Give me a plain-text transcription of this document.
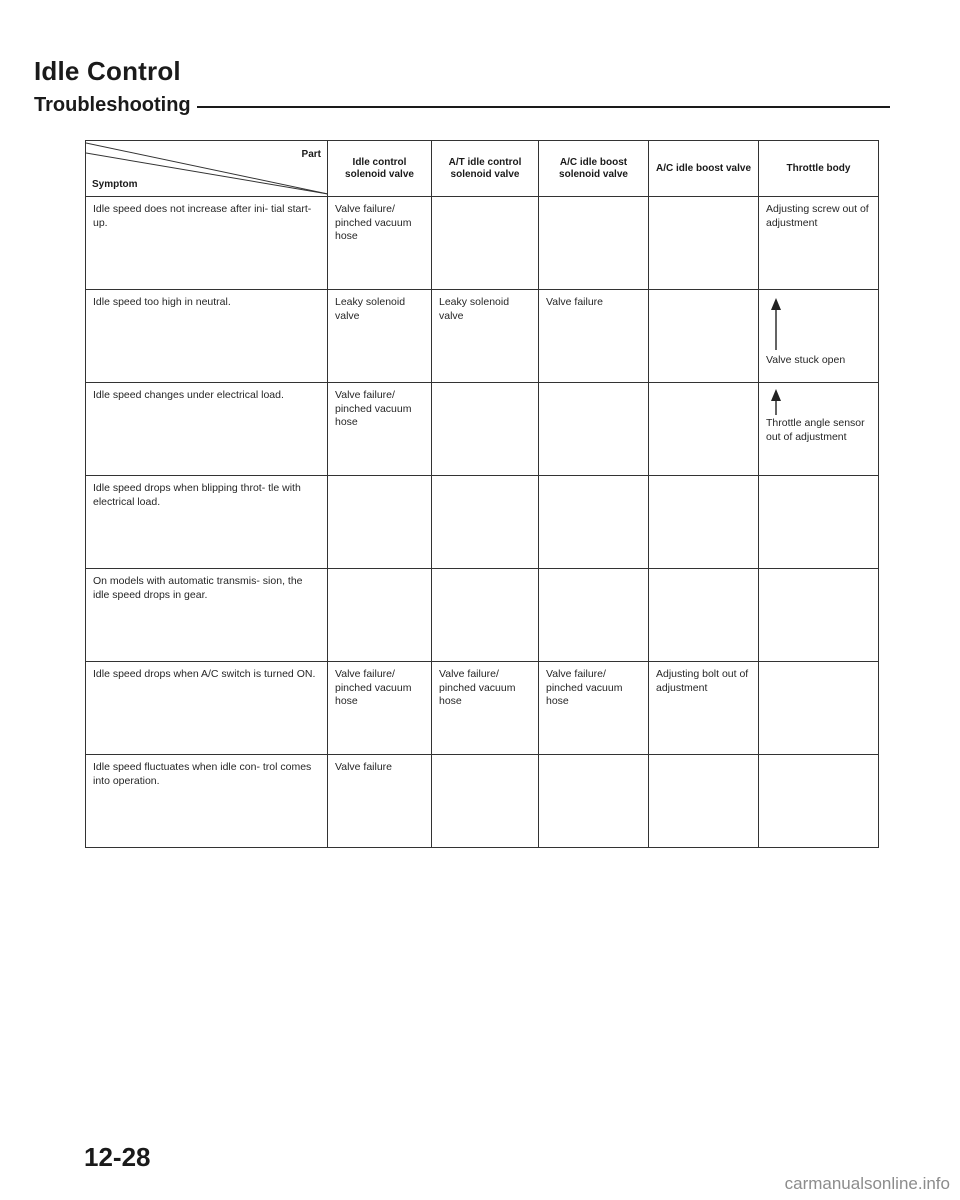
Idle Control
Troubleshooting
Part
Symptom	Idle control solenoid valve	A/T idle control solenoid valve	A/C idle boost solenoid valve	A/C idle boost valve	Throttle body
Idle speed does not increase after ini- tial start-up.	Valve failure/ pinched vacuum hose				Adjusting screw out of adjustment
Idle speed too high in neutral.	Leaky solenoid valve	Leaky solenoid valve	Valve failure		Valve stuck open

Idle speed changes under electrical load.	Valve failure/ pinched vacuum hose				Throttle angle sensor out of adjustment

Idle speed drops when blipping throt- tle with electrical load.					
On models with automatic transmis- sion, the idle speed drops in gear.					
Idle speed drops when A/C switch is turned ON.	Valve failure/ pinched vacuum hose	Valve failure/ pinched vacuum hose	Valve failure/ pinched vacuum hose	Adjusting bolt out of adjustment	
Idle speed fluctuates when idle con- trol comes into operation.	Valve failure				
12-28
carmanualsonline.info
